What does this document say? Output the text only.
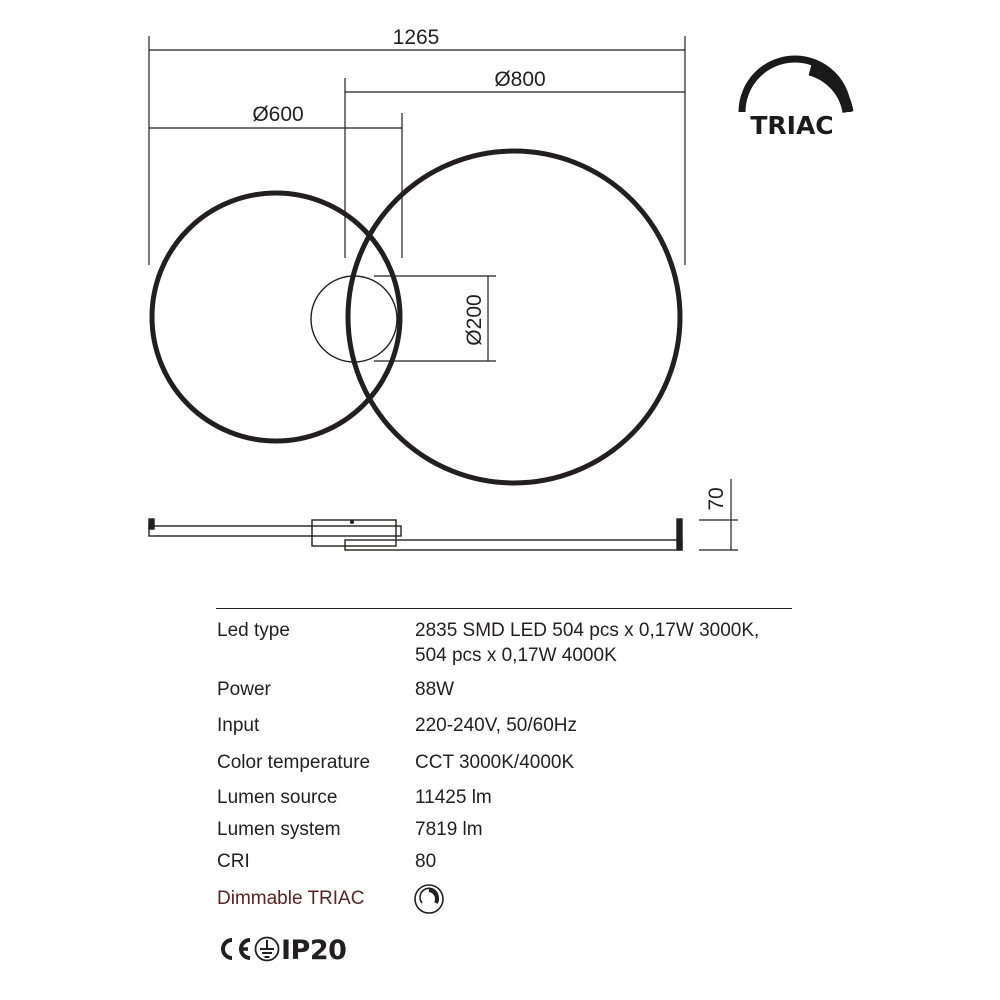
1265
Ø800
Ø600
Ø200
70
TRIAC
Led type	2835 SMD LED 504 pcs x 0,17W 3000K,
504 pcs x 0,17W 4000K
Power	88W
Input	220-240V, 50/60Hz
Color temperature	CCT 3000K/4000K
Lumen source	11425 lm
Lumen system	7819 lm
CRI	80
Dimmable TRIAC
IP20
